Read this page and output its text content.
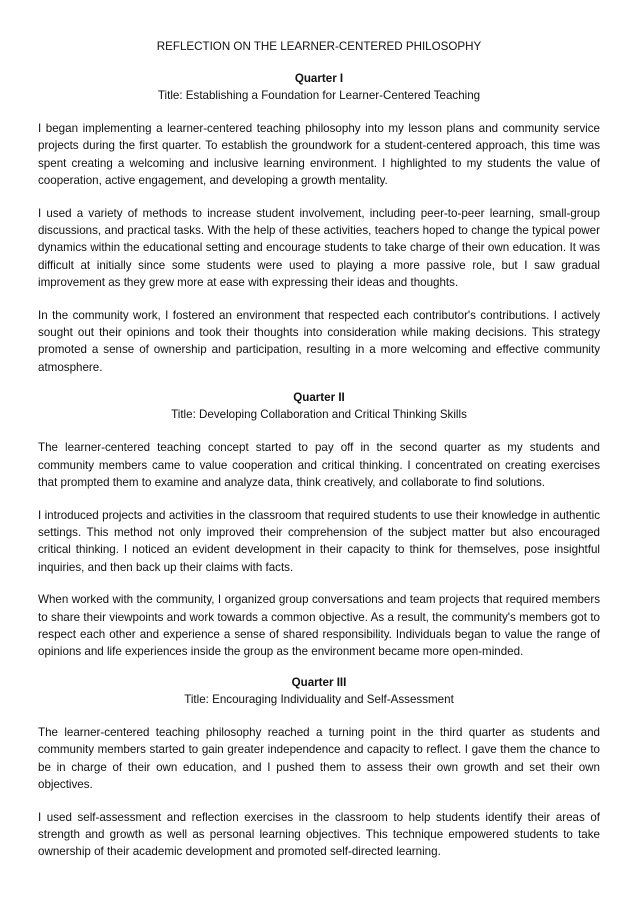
REFLECTION ON THE LEARNER-CENTERED PHILOSOPHY
Quarter I
Title: Establishing a Foundation for Learner-Centered Teaching

I began implementing a learner-centered teaching philosophy into my lesson plans and community service projects during the first quarter. To establish the groundwork for a student-centered approach, this time was spent creating a welcoming and inclusive learning environment. I highlighted to my students the value of cooperation, active engagement, and developing a growth mentality.

I used a variety of methods to increase student involvement, including peer-to-peer learning, small-group discussions, and practical tasks. With the help of these activities, teachers hoped to change the typical power dynamics within the educational setting and encourage students to take charge of their own education. It was difficult at initially since some students were used to playing a more passive role, but I saw gradual improvement as they grew more at ease with expressing their ideas and thoughts.

In the community work, I fostered an environment that respected each contributor's contributions. I actively sought out their opinions and took their thoughts into consideration while making decisions. This strategy promoted a sense of ownership and participation, resulting in a more welcoming and effective community atmosphere.

Quarter II
Title: Developing Collaboration and Critical Thinking Skills

The learner-centered teaching concept started to pay off in the second quarter as my students and community members came to value cooperation and critical thinking. I concentrated on creating exercises that prompted them to examine and analyze data, think creatively, and collaborate to find solutions.

I introduced projects and activities in the classroom that required students to use their knowledge in authentic settings. This method not only improved their comprehension of the subject matter but also encouraged critical thinking. I noticed an evident development in their capacity to think for themselves, pose insightful inquiries, and then back up their claims with facts.

When worked with the community, I organized group conversations and team projects that required members to share their viewpoints and work towards a common objective. As a result, the community's members got to respect each other and experience a sense of shared responsibility. Individuals began to value the range of opinions and life experiences inside the group as the environment became more open-minded.

Quarter III
Title: Encouraging Individuality and Self-Assessment

The learner-centered teaching philosophy reached a turning point in the third quarter as students and community members started to gain greater independence and capacity to reflect. I gave them the chance to be in charge of their own education, and I pushed them to assess their own growth and set their own objectives.

I used self-assessment and reflection exercises in the classroom to help students identify their areas of strength and growth as well as personal learning objectives. This technique empowered students to take ownership of their academic development and promoted self-directed learning.
